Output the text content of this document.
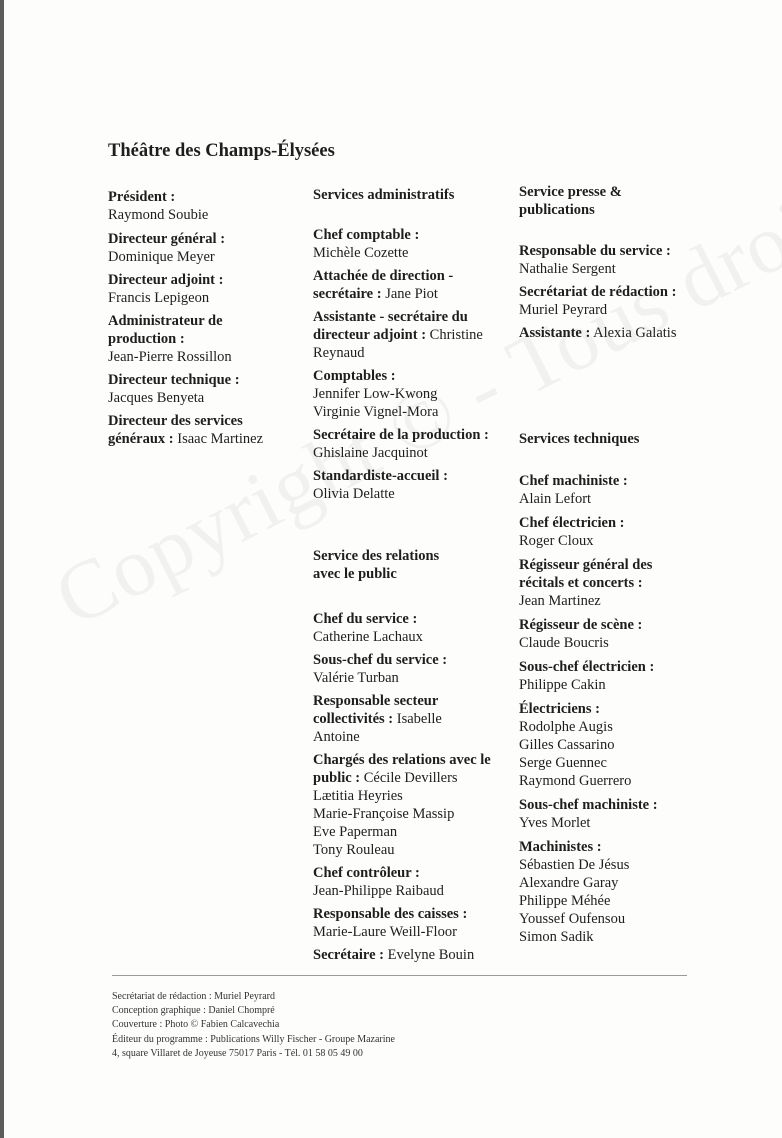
Théâtre des Champs-Élysées

Président :
Raymond Soubie

Directeur général :
Dominique Meyer

Directeur adjoint :
Francis Lepigeon

Administrateur de production :
Jean-Pierre Rossillon

Directeur technique :
Jacques Benyeta

Directeur des services généraux : Isaac Martinez

Services administratifs

Chef comptable :
Michèle Cozette

Attachée de direction - secrétaire : Jane Piot

Assistante - secrétaire du directeur adjoint : Christine Reynaud

Comptables :
Jennifer Low-Kwong
Virginie Vignel-Mora

Secrétaire de la production :
Ghislaine Jacquinot

Standardiste-accueil :
Olivia Delatte

Service des relations avec le public

Chef du service :
Catherine Lachaux

Sous-chef du service :
Valérie Turban

Responsable secteur collectivités : Isabelle Antoine

Chargés des relations avec le public : Cécile Devillers
Lætitia Heyries
Marie-Françoise Massip
Eve Paperman
Tony Rouleau

Chef contrôleur :
Jean-Philippe Raibaud

Responsable des caisses :
Marie-Laure Weill-Floor

Secrétaire : Evelyne Bouin

Service presse & publications

Responsable du service :
Nathalie Sergent

Secrétariat de rédaction :
Muriel Peyrard

Assistante : Alexia Galatis

Services techniques

Chef machiniste :
Alain Lefort

Chef électricien :
Roger Cloux

Régisseur général des récitals et concerts :
Jean Martinez

Régisseur de scène :
Claude Boucris

Sous-chef électricien :
Philippe Cakin

Électriciens :
Rodolphe Augis
Gilles Cassarino
Serge Guennec
Raymond Guerrero

Sous-chef machiniste :
Yves Morlet

Machinistes :
Sébastien De Jésus
Alexandre Garay
Philippe Méhée
Youssef Oufensou
Simon Sadik

Secrétariat de rédaction : Muriel Peyrard
Conception graphique : Daniel Chompré
Couverture : Photo © Fabien Calcavechia
Éditeur du programme : Publications Willy Fischer - Groupe Mazarine
4, square Villaret de Joyeuse 75017 Paris - Tél. 01 58 05 49 00
